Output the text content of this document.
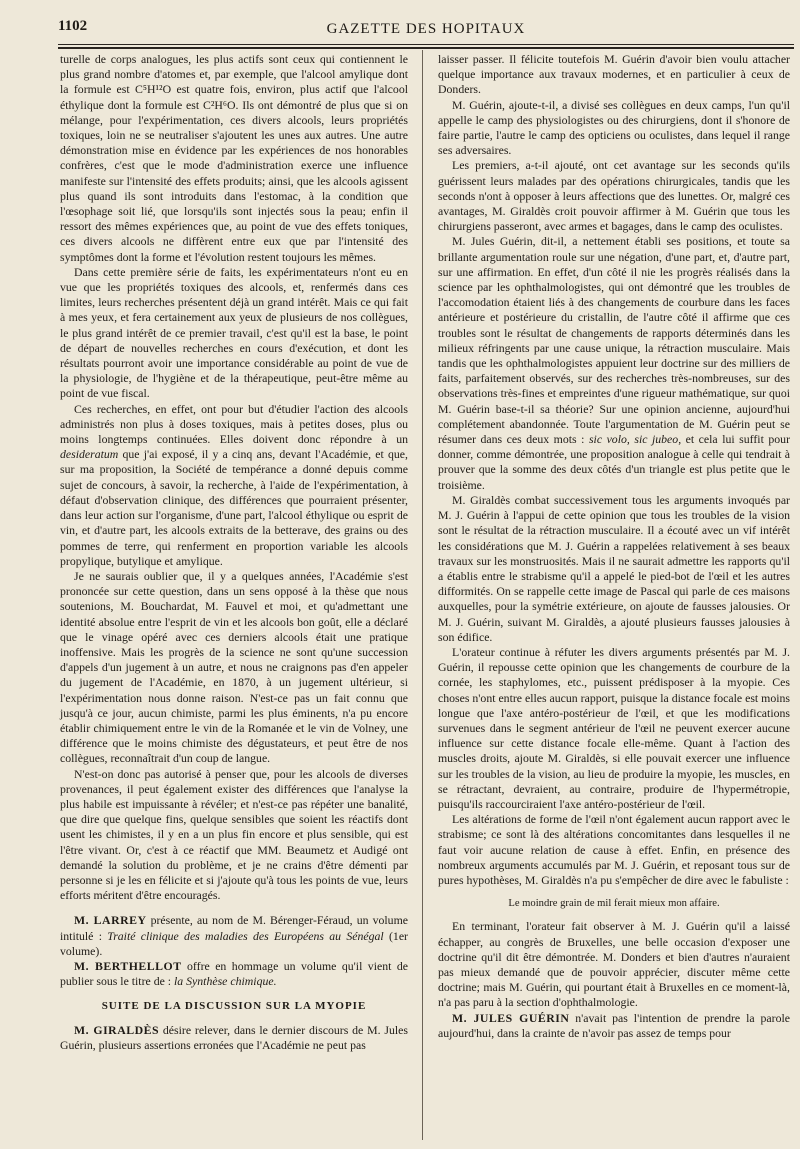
1102	GAZETTE DES HOPITAUX

turelle de corps analogues, les plus actifs sont ceux qui contiennent le plus grand nombre d'atomes et, par exemple, que l'alcool amylique dont la formule est C⁵H¹²O est quatre fois, environ, plus actif que l'alcool éthylique dont la formule est C²H⁶O. Ils ont démontré de plus que si on mélange, pour l'expérimentation, ces divers alcools, leurs propriétés toxiques, loin ne se neutraliser s'ajoutent les unes aux autres. Une autre démonstration mise en évidence par les expériences de nos honorables confrères, c'est que le mode d'administration exerce une influence manifeste sur l'intensité des effets produits; ainsi, que les alcools agissent plus quand ils sont introduits dans l'estomac, à la condition que l'œsophage soit lié, que lorsqu'ils sont injectés sous la peau; enfin il ressort des mêmes expériences que, au point de vue des effets toniques, ces divers alcools ne diffèrent entre eux que par l'intensité des symptômes dont la forme et l'évolution restent toujours les mêmes.

Dans cette première série de faits, les expérimentateurs n'ont eu en vue que les propriétés toxiques des alcools, et, renfermés dans ces limites, leurs recherches présentent déjà un grand intérêt. Mais ce qui fait à mes yeux, et fera certainement aux yeux de plusieurs de nos collègues, le plus grand intérêt de ce premier travail, c'est qu'il est la base, le point de départ de nouvelles recherches en cours d'exécution, et dont les résultats pourront avoir une importance considérable au point de vue de la physiologie, de l'hygiène et de la thérapeutique, peut-être même au point de vue fiscal.

Ces recherches, en effet, ont pour but d'étudier l'action des alcools administrés non plus à doses toxiques, mais à petites doses, plus ou moins longtemps continuées. Elles doivent donc répondre à un desideratum que j'ai exposé, il y a cinq ans, devant l'Académie, et que, sur ma proposition, la Société de tempérance a donné depuis comme sujet de concours, à savoir, la recherche, à l'aide de l'expérimentation, à défaut d'observation clinique, des différences que pourraient présenter, dans leur action sur l'organisme, d'une part, l'alcool éthylique ou esprit de vin, et d'autre part, les alcools extraits de la betterave, des grains ou des pommes de terre, qui renferment en proportion variable les alcools propylique, butylique et amylique.

Je ne saurais oublier que, il y a quelques années, l'Académie s'est prononcée sur cette question, dans un sens opposé à la thèse que nous soutenions, M. Bouchardat, M. Fauvel et moi, et qu'admettant une identité absolue entre l'esprit de vin et les alcools bon goût, elle a déclaré que le vinage opéré avec ces derniers alcools était une pratique inoffensive. Mais les progrès de la science ne sont qu'une succession d'appels d'un jugement à un autre, et nous ne craignons pas d'en appeler du jugement de l'Académie, en 1870, à un jugement ultérieur, si l'expérimentation nous donne raison. N'est-ce pas un fait connu que jusqu'à ce jour, aucun chimiste, parmi les plus éminents, n'a pu encore établir chimiquement entre le vin de la Romanée et le vin de Volney, une différence que le moins chimiste des dégustateurs, et peut être de nos collègues, reconnaîtrait d'un coup de langue.

N'est-on donc pas autorisé à penser que, pour les alcools de diverses provenances, il peut également exister des différences que l'analyse la plus habile est impuissante à révéler; et n'est-ce pas répéter une banalité, que dire que quelque fins, quelque sensibles que soient les réactifs dont usent les chimistes, il y en a un plus fin encore et plus sensible, qui est l'être vivant. Or, c'est à ce réactif que MM. Beaumetz et Audigé ont demandé la solution du problème, et je ne crains d'être démenti par personne si je les en félicite et si j'ajoute qu'à tous les points de vue, leurs efforts méritent d'être encouragés.

M. LARREY présente, au nom de M. Bérenger-Féraud, un volume intitulé : Traité clinique des maladies des Européens au Sénégal (1er volume).

M. BERTHELLOT offre en hommage un volume qu'il vient de publier sous le titre de : la Synthèse chimique.

SUITE DE LA DISCUSSION SUR LA MYOPIE

M. GIRALDÈS désire relever, dans le dernier discours de M. Jules Guérin, plusieurs assertions erronées que l'Académie ne peut pas

laisser passer. Il félicite toutefois M. Guérin d'avoir bien voulu attacher quelque importance aux travaux modernes, et en particulier à ceux de Donders.

M. Guérin, ajoute-t-il, a divisé ses collègues en deux camps, l'un qu'il appelle le camp des physiologistes ou des chirurgiens, dont il s'honore de faire partie, l'autre le camp des opticiens ou oculistes, dans lequel il range ses adversaires.

Les premiers, a-t-il ajouté, ont cet avantage sur les seconds qu'ils guérissent leurs malades par des opérations chirurgicales, tandis que les seconds n'ont à opposer à leurs affections que des lunettes. Or, malgré ces avantages, M. Giraldès croit pouvoir affirmer à M. Guérin que tous les chirurgiens passeront, avec armes et bagages, dans le camp des oculistes.

M. Jules Guérin, dit-il, a nettement établi ses positions, et toute sa brillante argumentation roule sur une négation, d'une part, et, d'autre part, sur une affirmation. En effet, d'un côté il nie les progrès réalisés dans la science par les ophthalmologistes, qui ont démontré que les troubles de l'accomodation étaient liés à des changements de courbure dans les faces antérieure et postérieure du cristallin, de l'autre côté il affirme que ces troubles sont le résultat de changements de rapports déterminés dans les milieux réfringents par une cause unique, la rétraction musculaire. Mais tandis que les ophthalmologistes appuient leur doctrine sur des milliers de faits, parfaitement observés, sur des recherches très-nombreuses, sur des observations très-fines et empreintes d'une rigueur mathématique, sur quoi M. Guérin base-t-il sa théorie? Sur une opinion ancienne, aujourd'hui complétement abandonnée. Toute l'argumentation de M. Guérin peut se résumer dans ces deux mots : sic volo, sic jubeo, et cela lui suffit pour donner, comme démontrée, une proposition analogue à celle qui tendrait à prouver que la somme des deux côtés d'un triangle est plus petite que le troisième.

M. Giraldès combat successivement tous les arguments invoqués par M. J. Guérin à l'appui de cette opinion que tous les troubles de la vision sont le résultat de la rétraction musculaire. Il a écouté avec un vif intérêt les considérations que M. J. Guérin a rappelées relativement à ses beaux travaux sur les monstruosités. Mais il ne saurait admettre les rapports qu'il a établis entre le strabisme qu'il a appelé le pied-bot de l'œil et les autres difformités. On se rappelle cette image de Pascal qui parle de ces maisons auxquelles, pour la symétrie extérieure, on ajoute de fausses jalousies. Or M. J. Guérin, suivant M. Giraldès, a ajouté plusieurs fausses jalousies à son édifice.

L'orateur continue à réfuter les divers arguments présentés par M. J. Guérin, il repousse cette opinion que les changements de courbure de la cornée, les staphylomes, etc., puissent prédisposer à la myopie. Ces choses n'ont entre elles aucun rapport, puisque la distance focale est moins longue que l'axe antéro-postérieur de l'œil, et que les modifications survenues dans le segment antérieur de l'œil ne peuvent exercer aucune influence sur cette distance focale elle-même. Quant à l'action des muscles droits, ajoute M. Giraldès, si elle pouvait exercer une influence sur les troubles de la vision, au lieu de produire la myopie, les muscles, en se rétractant, devraient, au contraire, produire de l'hypermétropie, puisqu'ils raccourciraient l'axe antéro-postérieur de l'œil.

Les altérations de forme de l'œil n'ont également aucun rapport avec le strabisme; ce sont là des altérations concomitantes dans lesquelles il ne faut voir aucune relation de cause à effet. Enfin, en présence des nombreux arguments accumulés par M. J. Guérin, et reposant tous sur de pures hypothèses, M. Giraldès n'a pu s'empêcher de dire avec le fabuliste :

Le moindre grain de mil ferait mieux mon affaire.

En terminant, l'orateur fait observer à M. J. Guérin qu'il a laissé échapper, au congrès de Bruxelles, une belle occasion d'exposer une doctrine qu'il dit être démontrée. M. Donders et bien d'autres n'auraient pas mieux demandé que de pouvoir apprécier, discuter même cette doctrine; mais M. Guérin, qui pourtant était à Bruxelles en ce moment-là, n'a pas paru à la section d'ophthalmologie.

M. JULES GUÉRIN n'avait pas l'intention de prendre la parole aujourd'hui, dans la crainte de n'avoir pas assez de temps pour
